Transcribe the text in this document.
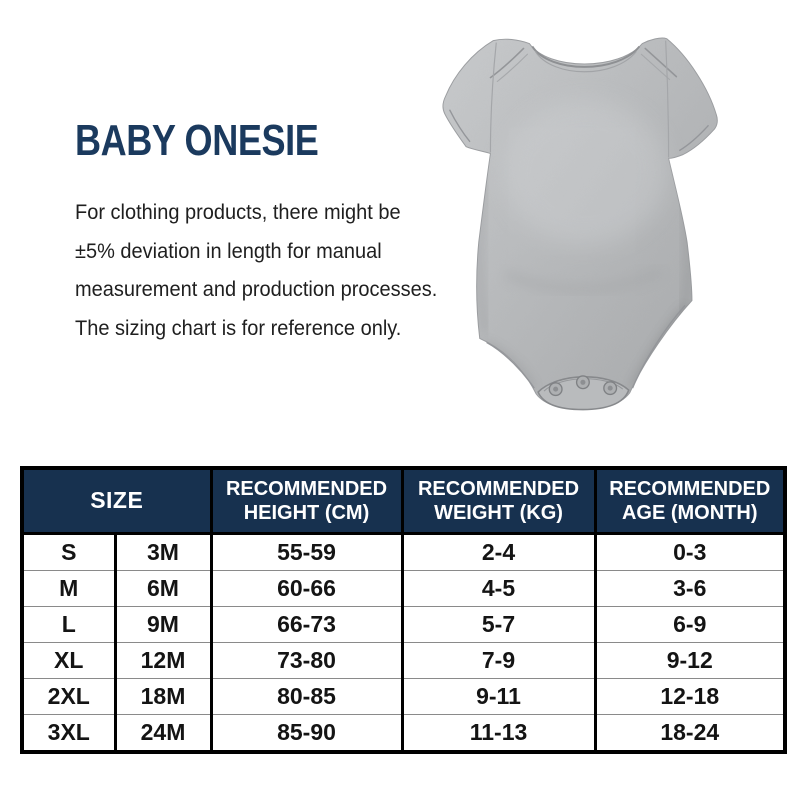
BABY ONESIE
For clothing products, there might be
±5% deviation in length for manual
measurement and production processes.
The sizing chart is for reference only.
SIZE		RECOMMENDED HEIGHT (CM)	RECOMMENDED WEIGHT (KG)	RECOMMENDED AGE (MONTH)
S	3M	55-59	2-4	0-3
M	6M	60-66	4-5	3-6
L	9M	66-73	5-7	6-9
XL	12M	73-80	7-9	9-12
2XL	18M	80-85	9-11	12-18
3XL	24M	85-90	11-13	18-24
